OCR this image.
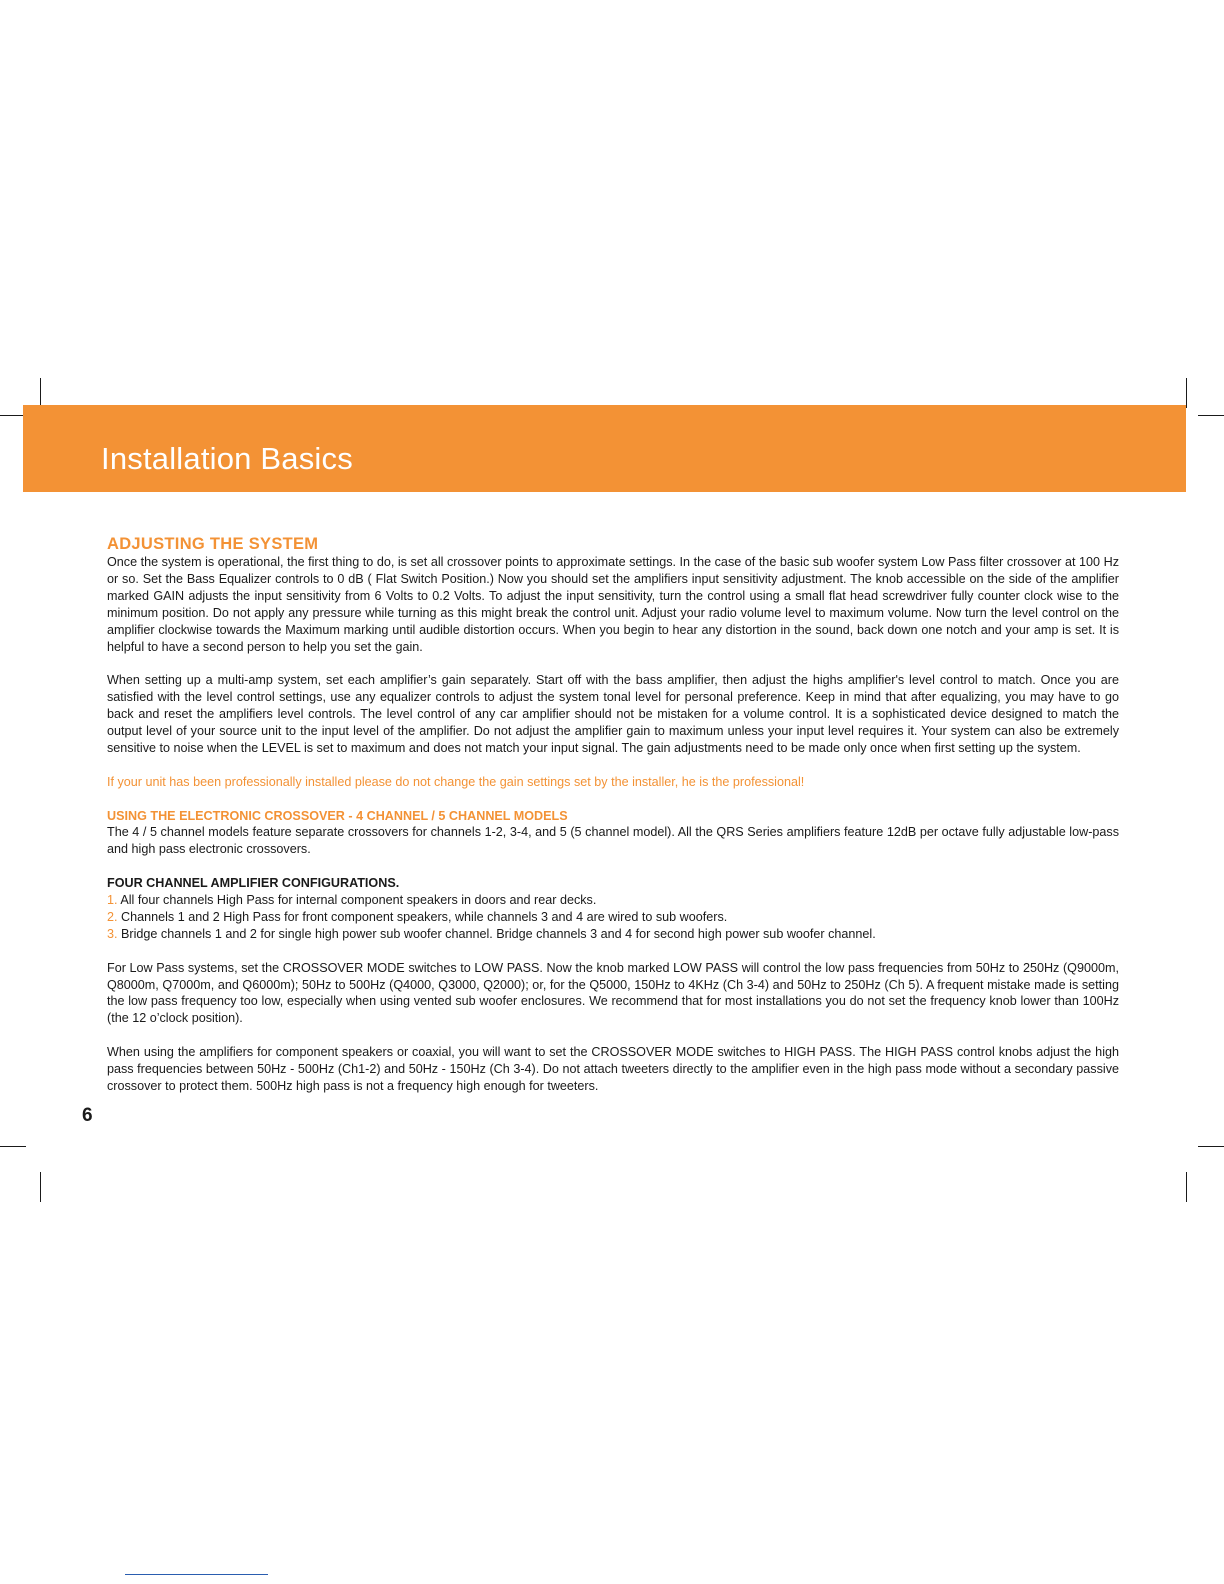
Installation Basics
ADJUSTING THE SYSTEM

Once the system is operational, the first thing to do, is set all crossover points to approximate settings. In the case of the basic sub woofer system Low Pass filter crossover at 100 Hz or so. Set the Bass Equalizer controls to 0 dB ( Flat Switch Position.) Now you should set the amplifiers input sensitivity adjustment. The knob accessible on the side of the amplifier marked GAIN adjusts the input sensitivity from 6 Volts to 0.2 Volts. To adjust the input sensitivity, turn the control using a small flat head screwdriver fully counter clock wise to the minimum position. Do not apply any pressure while turning as this might break the control unit. Adjust your radio volume level to maximum volume. Now turn the level control on the amplifier clockwise towards the Maximum marking until audible distortion occurs. When you begin to hear any distortion in the sound, back down one notch and your amp is set. It is helpful to have a second person to help you set the gain.

When setting up a multi-amp system, set each amplifier’s gain separately. Start off with the bass amplifier, then adjust the highs amplifier's level control to match. Once you are satisfied with the level control settings, use any equalizer controls to adjust the system tonal level for personal preference. Keep in mind that after equalizing, you may have to go back and reset the amplifiers level controls. The level control of any car amplifier should not be mistaken for a volume control. It is a sophisticated device designed to match the output level of your source unit to the input level of the amplifier. Do not adjust the amplifier gain to maximum unless your input level requires it. Your system can also be extremely sensitive to noise when the LEVEL is set to maximum and does not match your input signal. The gain adjustments need to be made only once when first setting up the system.

If your unit has been professionally installed please do not change the gain settings set by the installer, he is the professional!

USING THE ELECTRONIC CROSSOVER - 4 CHANNEL / 5 CHANNEL MODELS

The 4 / 5 channel models feature separate crossovers for channels 1-2, 3-4, and 5 (5 channel model). All the QRS Series amplifiers feature 12dB per octave fully adjustable low-pass and high pass electronic crossovers.

FOUR CHANNEL AMPLIFIER CONFIGURATIONS.

1. All four channels High Pass for internal component speakers in doors and rear decks.

2. Channels 1 and 2 High Pass for front component speakers, while channels 3 and 4 are wired to sub woofers.

3. Bridge channels 1 and 2 for single high power sub woofer channel. Bridge channels 3 and 4 for second high power sub woofer channel.

For Low Pass systems, set the CROSSOVER MODE switches to LOW PASS. Now the knob marked LOW PASS will control the low pass frequencies from 50Hz to 250Hz (Q9000m, Q8000m, Q7000m, and Q6000m); 50Hz to 500Hz (Q4000, Q3000, Q2000); or, for the Q5000, 150Hz to 4KHz (Ch 3-4) and 50Hz to 250Hz (Ch 5). A frequent mistake made is setting the low pass frequency too low, especially when using vented sub woofer enclosures. We recommend that for most installations you do not set the frequency knob lower than 100Hz (the 12 o’clock position).

When using the amplifiers for component speakers or coaxial, you will want to set the CROSSOVER MODE switches to HIGH PASS. The HIGH PASS control knobs adjust the high pass frequencies between 50Hz - 500Hz (Ch1-2) and 50Hz - 150Hz (Ch 3-4). Do not attach tweeters directly to the amplifier even in the high pass mode without a secondary passive crossover to protect them. 500Hz high pass is not a frequency high enough for tweeters.

6
